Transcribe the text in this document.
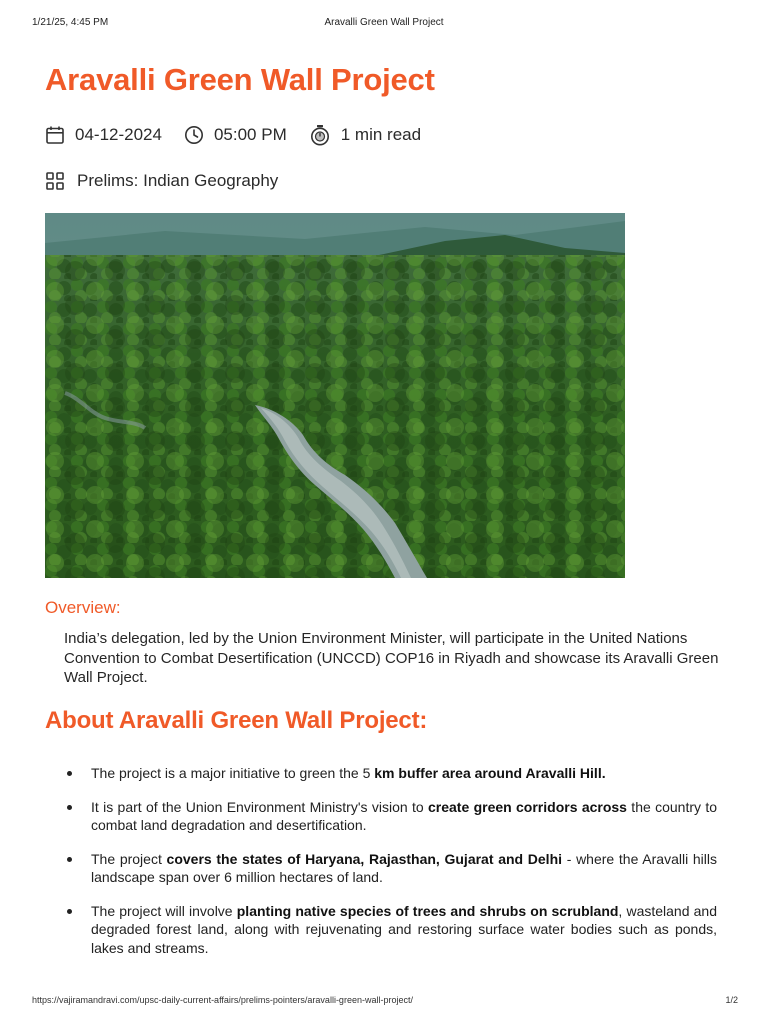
1/21/25, 4:45 PM	Aravalli Green Wall Project
Aravalli Green Wall Project
04-12-2024	05:00 PM	1 min read
Prelims: Indian Geography
Overview:

India’s delegation, led by the Union Environment Minister, will participate in the United Nations Convention to Combat Desertification (UNCCD) COP16 in Riyadh and showcase its Aravalli Green Wall Project.

About Aravalli Green Wall Project:
The project is a major initiative to green the 5 km buffer area around Aravalli Hill.
It is part of the Union Environment Ministry's vision to create green corridors across the country to combat land degradation and desertification.
The project covers the states of Haryana, Rajasthan, Gujarat and Delhi - where the Aravalli hills landscape span over 6 million hectares of land.
The project will involve planting native species of trees and shrubs on scrubland, wasteland and degraded forest land, along with rejuvenating and restoring surface water bodies such as ponds, lakes and streams.
https://vajiramandravi.com/upsc-daily-current-affairs/prelims-pointers/aravalli-green-wall-project/	1/2
